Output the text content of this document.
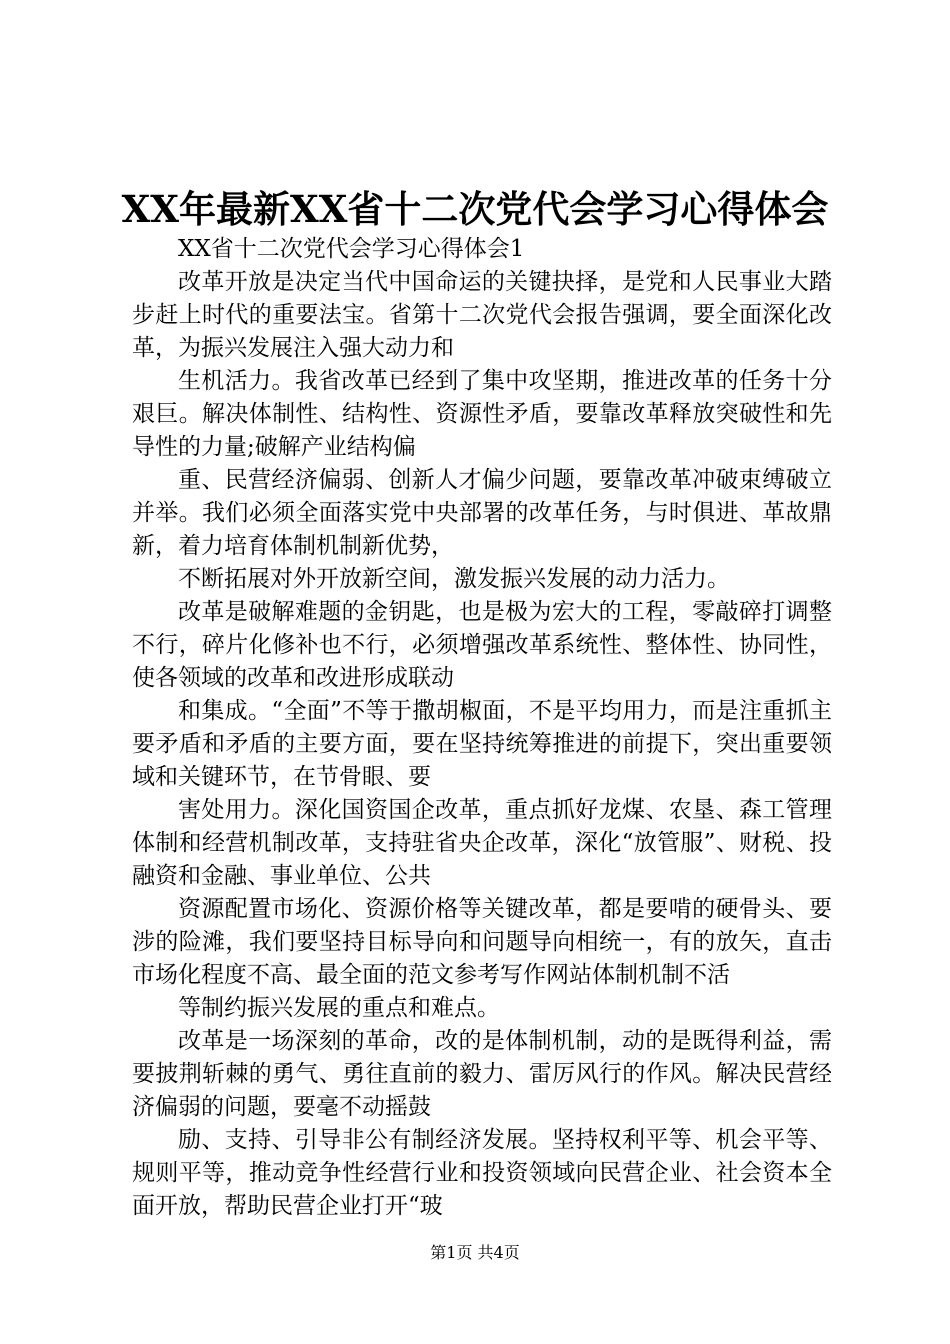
XX年最新XX省十二次党代会学习心得体会

XX省十二次党代会学习心得体会1

改革开放是决定当代中国命运的关键抉择，是党和人民事业大踏步赶上时代的重要法宝。省第十二次党代会报告强调，要全面深化改革，为振兴发展注入强大动力和

生机活力。我省改革已经到了集中攻坚期，推进改革的任务十分艰巨。解决体制性、结构性、资源性矛盾，要靠改革释放突破性和先导性的力量;破解产业结构偏

重、民营经济偏弱、创新人才偏少问题，要靠改革冲破束缚破立并举。我们必须全面落实党中央部署的改革任务，与时俱进、革故鼎新，着力培育体制机制新优势，

不断拓展对外开放新空间，激发振兴发展的动力活力。

改革是破解难题的金钥匙，也是极为宏大的工程，零敲碎打调整不行，碎片化修补也不行，必须增强改革系统性、整体性、协同性，使各领域的改革和改进形成联动

和集成。“全面”不等于撒胡椒面，不是平均用力，而是注重抓主要矛盾和矛盾的主要方面，要在坚持统筹推进的前提下，突出重要领域和关键环节，在节骨眼、要

害处用力。深化国资国企改革，重点抓好龙煤、农垦、森工管理体制和经营机制改革，支持驻省央企改革，深化“放管服”、财税、投融资和金融、事业单位、公共

资源配置市场化、资源价格等关键改革，都是要啃的硬骨头、要涉的险滩，我们要坚持目标导向和问题导向相统一，有的放矢，直击市场化程度不高、最全面的范文参考写作网站体制机制不活

等制约振兴发展的重点和难点。

改革是一场深刻的革命，改的是体制机制，动的是既得利益，需要披荆斩棘的勇气、勇往直前的毅力、雷厉风行的作风。解决民营经济偏弱的问题，要毫不动摇鼓

励、支持、引导非公有制经济发展。坚持权利平等、机会平等、规则平等，推动竞争性经营行业和投资领域向民营企业、社会资本全面开放，帮助民营企业打开“玻

第1页 共4页
